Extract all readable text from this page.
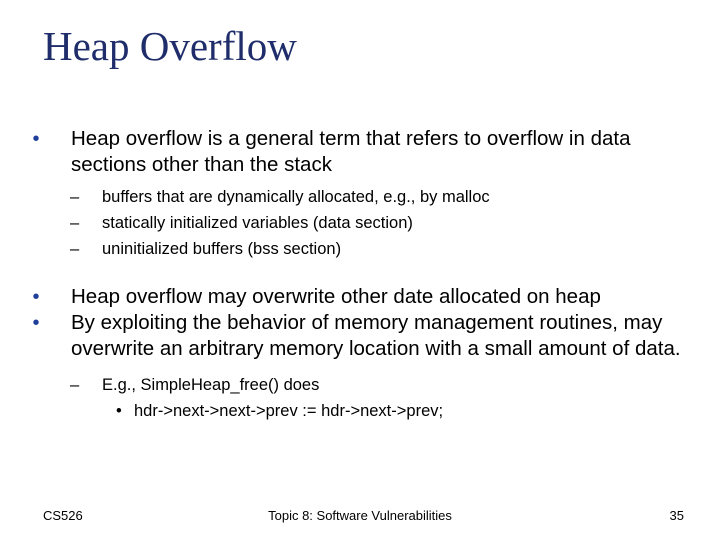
Heap Overflow
• Heap overflow is a general term that refers to overflow in data sections other than the stack
– buffers that are dynamically allocated, e.g., by malloc
– statically initialized variables (data section)
– uninitialized buffers (bss section)
• Heap overflow may overwrite other date allocated on heap
• By exploiting the behavior of memory management routines, may overwrite an arbitrary memory location with a small amount of data.
– E.g., SimpleHeap_free() does
• hdr->next->next->prev := hdr->next->prev;
CS526	Topic 8: Software Vulnerabilities	35
